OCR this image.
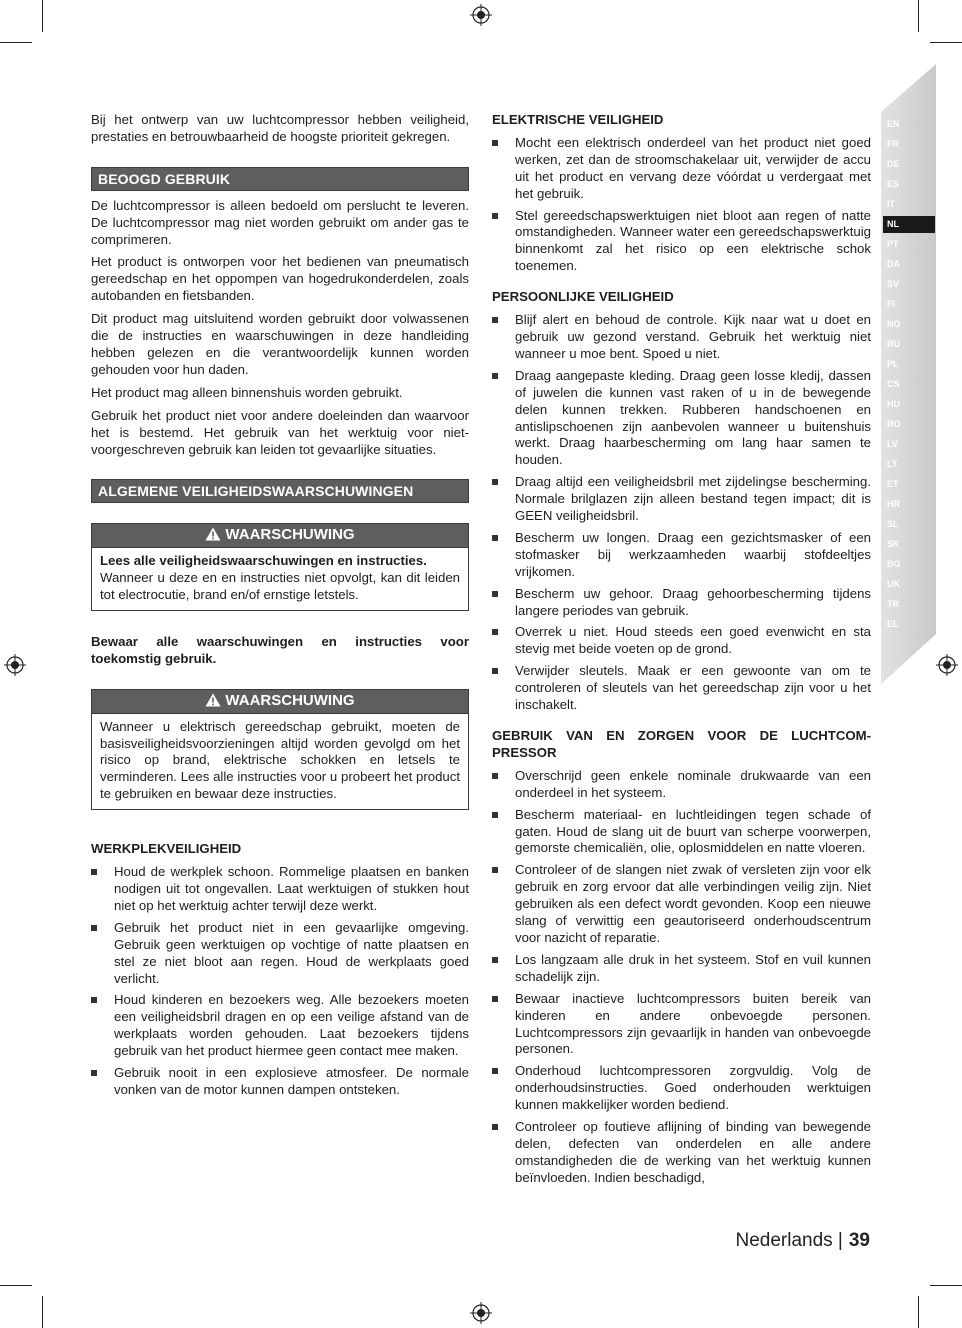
EN
FR
DE
ES
IT
NL
PT
DA
SV
FI
NO
RU
PL
CS
HU
RO
LV
LT
ET
HR
SL
SK
BG
UK
TR
EL

Bij het ontwerp van uw luchtcompressor hebben veiligheid, prestaties en betrouwbaarheid de hoogste prioriteit gekregen.

BEOOGD GEBRUIK

De luchtcompressor is alleen bedoeld om perslucht te leveren. De luchtcompressor mag niet worden gebruikt om ander gas te comprimeren.

Het product is ontworpen voor het bedienen van pneumatisch gereedschap en het oppompen van hogedrukonderdelen, zoals autobanden en fietsbanden.

Dit product mag uitsluitend worden gebruikt door volwassenen die de instructies en waarschuwingen in deze handleiding hebben gelezen en die verantwoordelijk kunnen worden gehouden voor hun daden.

Het product mag alleen binnenshuis worden gebruikt.

Gebruik het product niet voor andere doeleinden dan waarvoor het is bestemd. Het gebruik van het werktuig voor niet-voorgeschreven gebruik kan leiden tot gevaarlijke situaties.

ALGEMENE VEILIGHEIDSWAARSCHUWINGEN
WAARSCHUWING
Lees alle veiligheidswaarschuwingen en instructies.
Wanneer u deze en en instructies niet opvolgt, kan dit leiden tot electrocutie, brand en/of ernstige letstels.

Bewaar alle waarschuwingen en instructies voor toekomstig gebruik.

WAARSCHUWING
Wanneer u elektrisch gereedschap gebruikt, moeten de basisveiligheidsvoorzieningen altijd worden gevolgd om het risico op brand, elektrische schokken en letsels te verminderen. Lees alle instructies voor u probeert het product te gebruiken en bewaar deze instructies.
WERKPLEKVEILIGHEID
Houd de werkplek schoon. Rommelige plaatsen en banken nodigen uit tot ongevallen. Laat werktuigen of stukken hout niet op het werktuig achter terwijl deze werkt.
Gebruik het product niet in een gevaarlijke omgeving. Gebruik geen werktuigen op vochtige of natte plaatsen en stel ze niet bloot aan regen. Houd de werkplaats goed verlicht.
Houd kinderen en bezoekers weg. Alle bezoekers moeten een veiligheidsbril dragen en op een veilige afstand van de werkplaats worden gehouden. Laat bezoekers tijdens gebruik van het product hiermee geen contact mee maken.
Gebruik nooit in een explosieve atmosfeer. De normale vonken van de motor kunnen dampen ontsteken.
ELEKTRISCHE VEILIGHEID
Mocht een elektrisch onderdeel van het product niet goed werken, zet dan de stroomschakelaar uit, verwijder de accu uit het product en vervang deze vóórdat u verdergaat met het gebruik.
Stel gereedschapswerktuigen niet bloot aan regen of natte omstandigheden. Wanneer water een gereedschapswerktuig binnenkomt zal het risico op een elektrische schok toenemen.
PERSOONLIJKE VEILIGHEID
Blijf alert en behoud de controle. Kijk naar wat u doet en gebruik uw gezond verstand. Gebruik het werktuig niet wanneer u moe bent. Spoed u niet.
Draag aangepaste kleding. Draag geen losse kledij, dassen of juwelen die kunnen vast raken of u in de bewegende delen kunnen trekken. Rubberen handschoenen en antislipschoenen zijn aanbevolen wanneer u buitenshuis werkt. Draag haarbescherming om lang haar samen te houden.
Draag altijd een veiligheidsbril met zijdelingse bescherming. Normale brilglazen zijn alleen bestand tegen impact; dit is GEEN veiligheidsbril.
Bescherm uw longen. Draag een gezichtsmasker of een stofmasker bij werkzaamheden waarbij stofdeeltjes vrijkomen.
Bescherm uw gehoor. Draag gehoorbescherming tijdens langere periodes van gebruik.
Overrek u niet. Houd steeds een goed evenwicht en sta stevig met beide voeten op de grond.
Verwijder sleutels. Maak er een gewoonte van om te controleren of sleutels van het gereedschap zijn voor u het inschakelt.
GEBRUIK VAN EN ZORGEN VOOR DE LUCHTCOM-PRESSOR
Overschrijd geen enkele nominale drukwaarde van een onderdeel in het systeem.
Bescherm materiaal- en luchtleidingen tegen schade of gaten. Houd de slang uit de buurt van scherpe voorwerpen, gemorste chemicaliën, olie, oplosmiddelen en natte vloeren.
Controleer of de slangen niet zwak of versleten zijn voor elk gebruik en zorg ervoor dat alle verbindingen veilig zijn. Niet gebruiken als een defect wordt gevonden. Koop een nieuwe slang of verwittig een geautoriseerd onderhoudscentrum voor nazicht of reparatie.
Los langzaam alle druk in het systeem. Stof en vuil kunnen schadelijk zijn.
Bewaar inactieve luchtcompressors buiten bereik van kinderen en andere onbevoegde personen. Luchtcompressors zijn gevaarlijk in handen van onbevoegde personen.
Onderhoud luchtcompressoren zorgvuldig. Volg de onderhoudsinstructies. Goed onderhouden werktuigen kunnen makkelijker worden bediend.
Controleer op foutieve aflijning of binding van bewegende delen, defecten van onderdelen en alle andere omstandigheden die de werking van het werktuig kunnen beïnvloeden. Indien beschadigd,
Nederlands | 39
